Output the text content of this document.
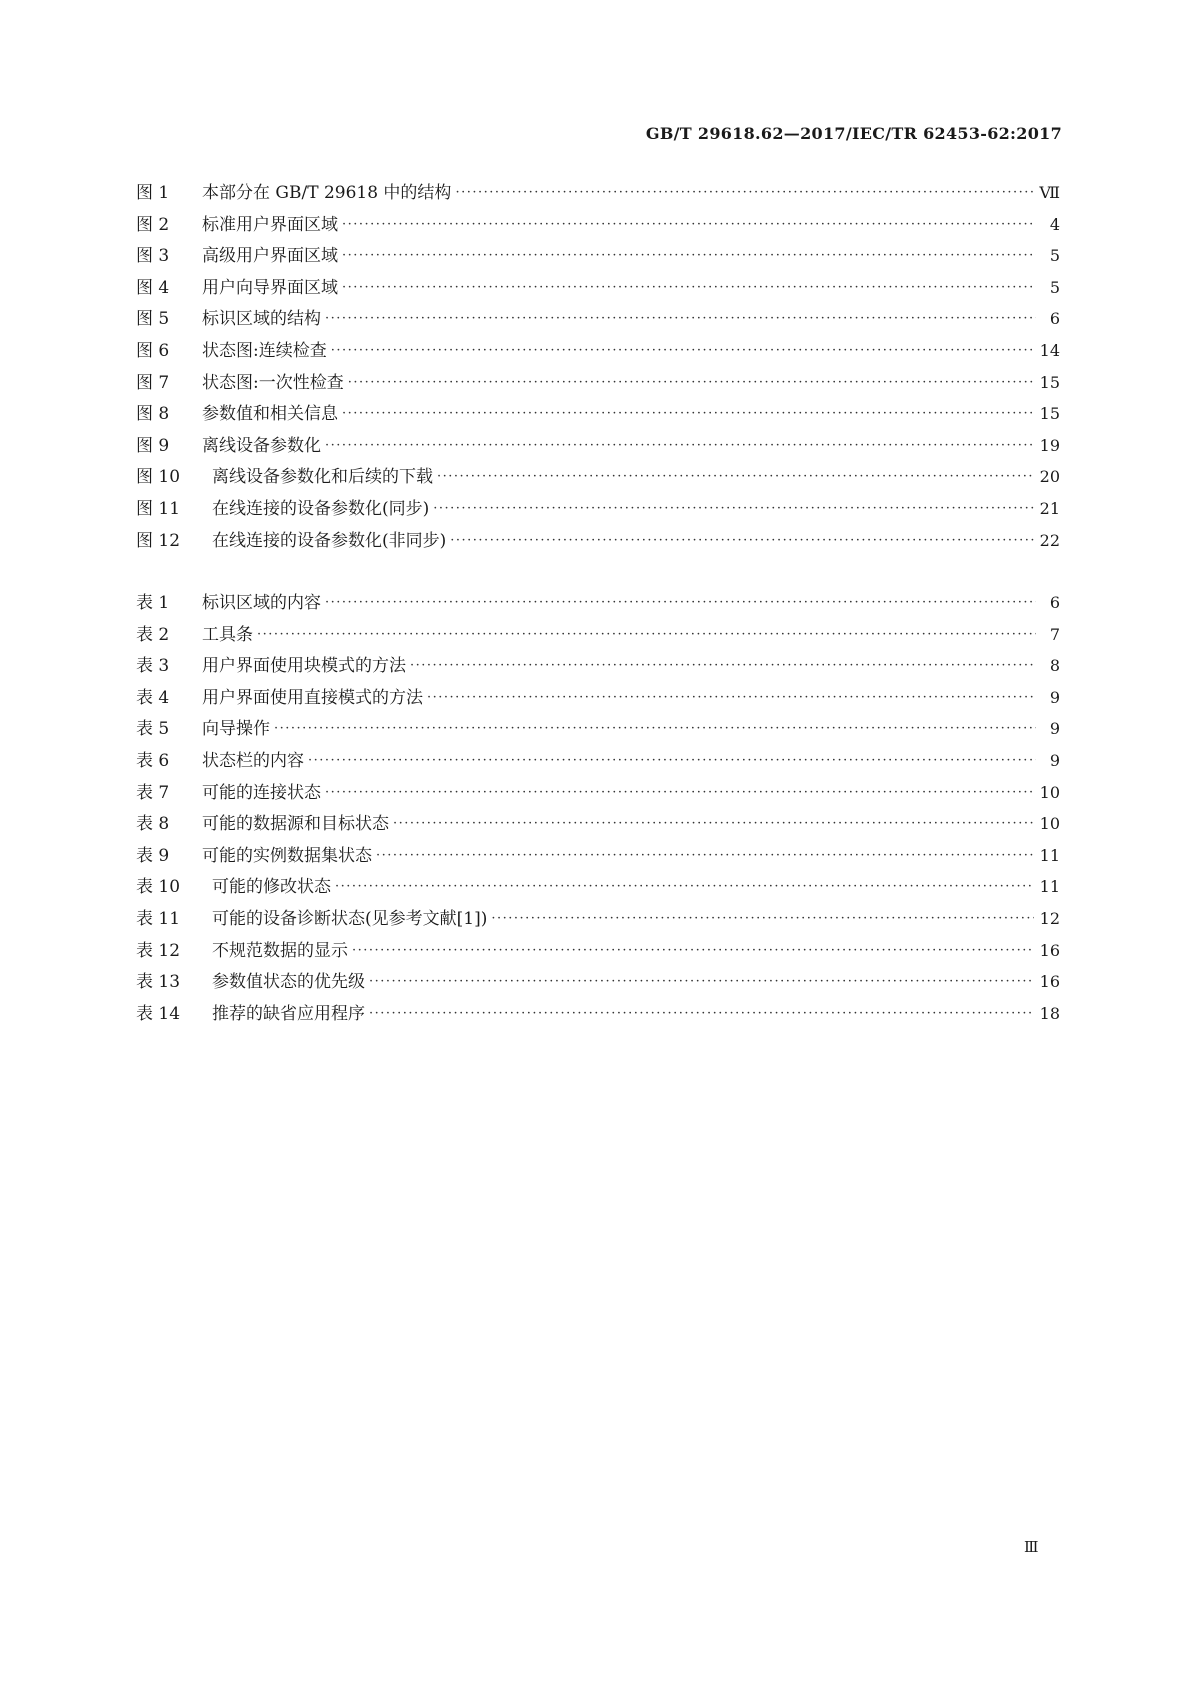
GB/T 29618.62—2017/IEC/TR 62453-62:2017
图 1	本部分在 GB/T 29618 中的结构 ·····	Ⅶ
图 2	标准用户界面区域 ·····	4
图 3	高级用户界面区域 ·····	5
图 4	用户向导界面区域 ·····	5
图 5	标识区域的结构 ·····	6
图 6	状态图:连续检查 ·····	14
图 7	状态图:一次性检查 ·····	15
图 8	参数值和相关信息 ·····	15
图 9	离线设备参数化 ·····	19
图 10	离线设备参数化和后续的下载 ·····	20
图 11	在线连接的设备参数化(同步) ·····	21
图 12	在线连接的设备参数化(非同步) ·····	22
表 1	标识区域的内容 ·····	6
表 2	工具条 ·····	7
表 3	用户界面使用块模式的方法 ·····	8
表 4	用户界面使用直接模式的方法 ·····	9
表 5	向导操作 ·····	9
表 6	状态栏的内容 ·····	9
表 7	可能的连接状态 ·····	10
表 8	可能的数据源和目标状态 ·····	10
表 9	可能的实例数据集状态 ·····	11
表 10	可能的修改状态 ·····	11
表 11	可能的设备诊断状态(见参考文献[1]) ·····	12
表 12	不规范数据的显示 ·····	16
表 13	参数值状态的优先级 ·····	16
表 14	推荐的缺省应用程序 ·····	18
Ⅲ
